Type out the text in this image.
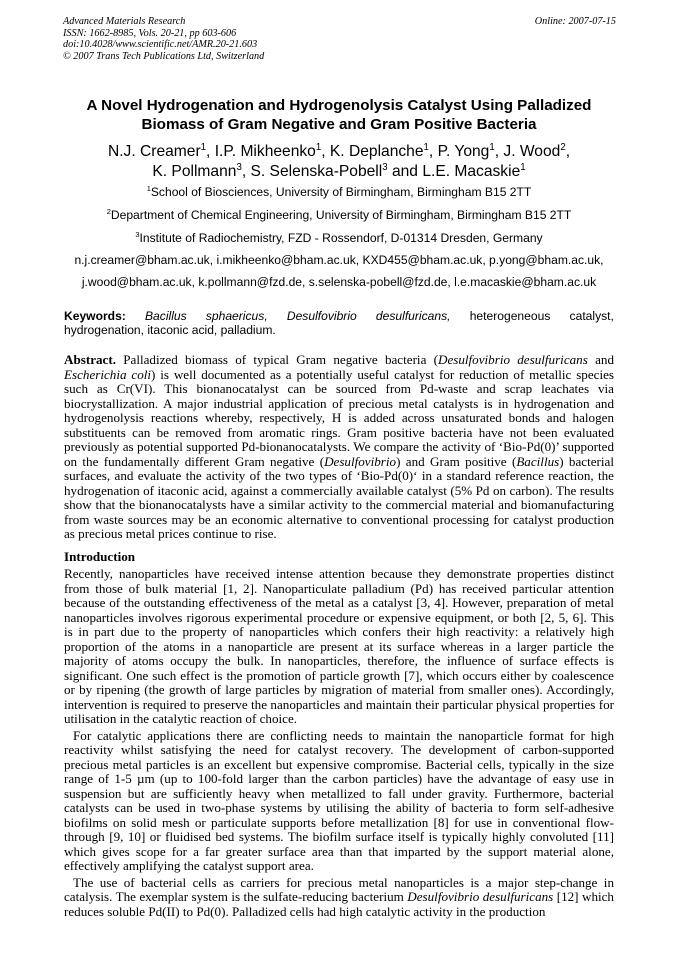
Advanced Materials Research
ISSN: 1662-8985, Vols. 20-21, pp 603-606
doi:10.4028/www.scientific.net/AMR.20-21.603
© 2007 Trans Tech Publications Ltd, Switzerland
Online: 2007-07-15
A Novel Hydrogenation and Hydrogenolysis Catalyst Using Palladized
Biomass of Gram Negative and Gram Positive Bacteria
N.J. Creamer$^1$, I.P. Mikheenko$^1$, K. Deplanche$^1$, P. Yong$^1$, J. Wood$^2$,
K. Pollmann$^3$, S. Selenska-Pobell$^3$ and L.E. Macaskie$^1$
$^1$School of Biosciences, University of Birmingham, Birmingham B15 2TT
$^2$Department of Chemical Engineering, University of Birmingham, Birmingham B15 2TT
$^3$Institute of Radiochemistry, FZD - Rossendorf, D-01314 Dresden, Germany
n.j.creamer@bham.ac.uk, i.mikheenko@bham.ac.uk, KXD455@bham.ac.uk, p.yong@bham.ac.uk,
j.wood@bham.ac.uk, k.pollmann@fzd.de, s.selenska-pobell@fzd.de, l.e.macaskie@bham.ac.uk
Keywords: Bacillus sphaericus, Desulfovibrio desulfuricans, heterogeneous catalyst,

hydrogenation, itaconic acid, palladium.

Abstract. Palladized biomass of typical Gram negative bacteria (Desulfovibrio desulfuricans and Escherichia coli) is well documented as a potentially useful catalyst for reduction of metallic species such as Cr(VI). This bionanocatalyst can be sourced from Pd-waste and scrap leachates via biocrystallization. A major industrial application of precious metal catalysts is in hydrogenation and hydrogenolysis reactions whereby, respectively, H is added across unsaturated bonds and halogen substituents can be removed from aromatic rings. Gram positive bacteria have not been evaluated previously as potential supported Pd-bionanocatalysts. We compare the activity of ‘Bio-Pd(0)’ supported on the fundamentally different Gram negative (Desulfovibrio) and Gram positive (Bacillus) bacterial surfaces, and evaluate the activity of the two types of ‘Bio-Pd(0)‘ in a standard reference reaction, the hydrogenation of itaconic acid, against a commercially available catalyst (5% Pd on carbon). The results show that the bionanocatalysts have a similar activity to the commercial material and biomanufacturing from waste sources may be an economic alternative to conventional processing for catalyst production as precious metal prices continue to rise.

Introduction

Recently, nanoparticles have received intense attention because they demonstrate properties distinct from those of bulk material [1, 2]. Nanoparticulate palladium (Pd) has received particular attention because of the outstanding effectiveness of the metal as a catalyst [3, 4]. However, preparation of metal nanoparticles involves rigorous experimental procedure or expensive equipment, or both [2, 5, 6]. This is in part due to the property of nanoparticles which confers their high reactivity: a relatively high proportion of the atoms in a nanoparticle are present at its surface whereas in a larger particle the majority of atoms occupy the bulk. In nanoparticles, therefore, the influence of surface effects is significant. One such effect is the promotion of particle growth [7], which occurs either by coalescence or by ripening (the growth of large particles by migration of material from smaller ones). Accordingly, intervention is required to preserve the nanoparticles and maintain their particular physical properties for utilisation in the catalytic reaction of choice.

For catalytic applications there are conflicting needs to maintain the nanoparticle format for high reactivity whilst satisfying the need for catalyst recovery. The development of carbon-supported precious metal particles is an excellent but expensive compromise. Bacterial cells, typically in the size range of 1-5 µm (up to 100-fold larger than the carbon particles) have the advantage of easy use in suspension but are sufficiently heavy when metallized to fall under gravity. Furthermore, bacterial catalysts can be used in two-phase systems by utilising the ability of bacteria to form self-adhesive biofilms on solid mesh or particulate supports before metallization [8] for use in conventional flow-through [9, 10] or fluidised bed systems. The biofilm surface itself is typically highly convoluted [11] which gives scope for a far greater surface area than that imparted by the support material alone, effectively amplifying the catalyst support area.

The use of bacterial cells as carriers for precious metal nanoparticles is a major step-change in catalysis. The exemplar system is the sulfate-reducing bacterium Desulfovibrio desulfuricans [12] which reduces soluble Pd(II) to Pd(0). Palladized cells had high catalytic activity in the production
